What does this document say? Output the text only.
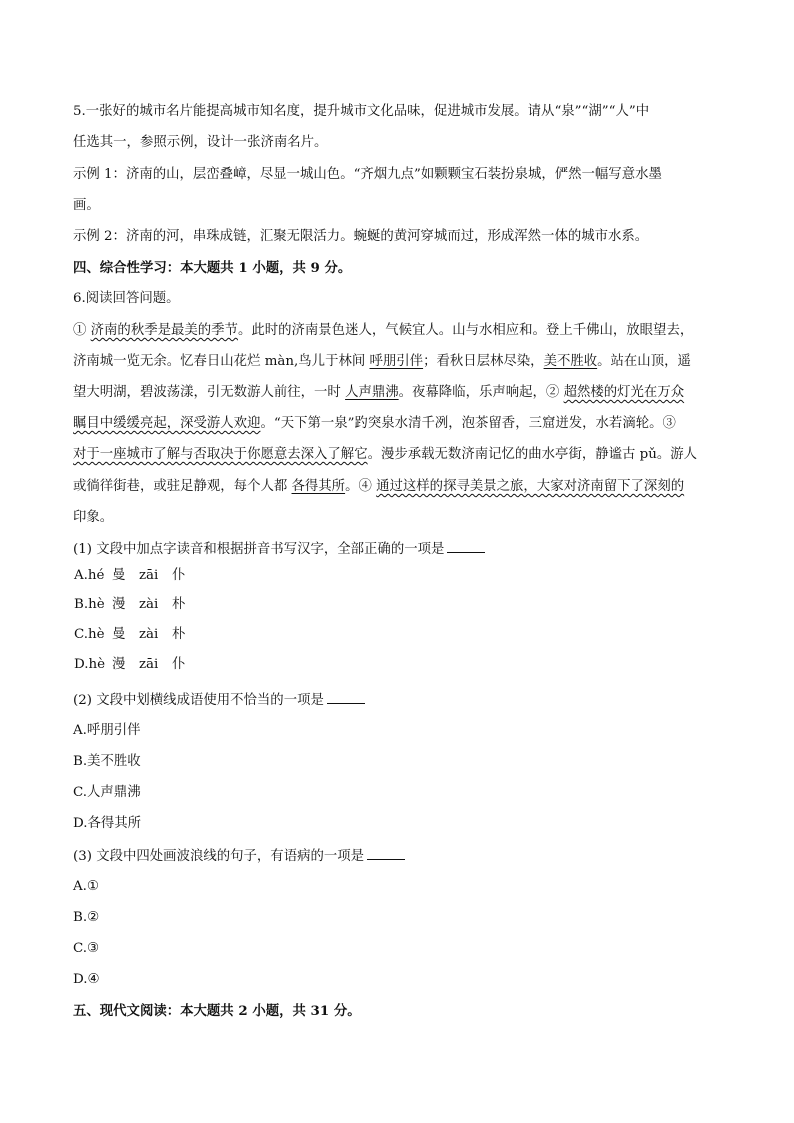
5.一张好的城市名片能提高城市知名度，提升城市文化品味，促进城市发展。请从“泉”“湖”“人”中
任选其一，参照示例，设计一张济南名片。
示例 1：济南的山，层峦叠嶂，尽显一城山色。“齐烟九点”如颗颗宝石装扮泉城，俨然一幅写意水墨
画。
示例 2：济南的河，串珠成链，汇聚无限活力。蜿蜒的黄河穿城而过，形成浑然一体的城市水系。
四、综合性学习：本大题共 1 小题，共 9 分。
6.阅读回答问题。
① 济南的秋季是最美的季节。此时的济南景色迷人，气候宜人。山与水相应和。登上千佛山，放眼望去，
济南城一览无余。忆春日山花烂 màn,鸟儿于林间 呼朋引伴；看秋日层林尽染，美不胜收。站在山顶，遥
望大明湖，碧波荡漾，引无数游人前往，一时 人声鼎沸。夜幕降临，乐声响起，② 超然楼的灯光在万众
瞩目中缓缓亮起，深受游人欢迎。“天下第一泉”趵突泉水清千冽，泡茶留香，三窟迸发，水若滴轮。③
对于一座城市了解与否取决于你愿意去深入了解它。漫步承载无数济南记忆的曲水亭街，静谧古 pǔ。游人
或徜徉街巷，或驻足静观，每个人都 各得其所。④ 通过这样的探寻美景之旅，大家对济南留下了深刻的
印象。
(1) 文段中加点字读音和根据拼音书写汉字，全部正确的一项是
A.hé 曼 zāi 仆
B.hè 漫 zài 朴
C.hè 曼 zài 朴
D.hè 漫 zāi 仆
(2) 文段中划横线成语使用不恰当的一项是
A.呼朋引伴
B.美不胜收
C.人声鼎沸
D.各得其所
(3) 文段中四处画波浪线的句子，有语病的一项是
A.①
B.②
C.③
D.④
五、现代文阅读：本大题共 2 小题，共 31 分。
